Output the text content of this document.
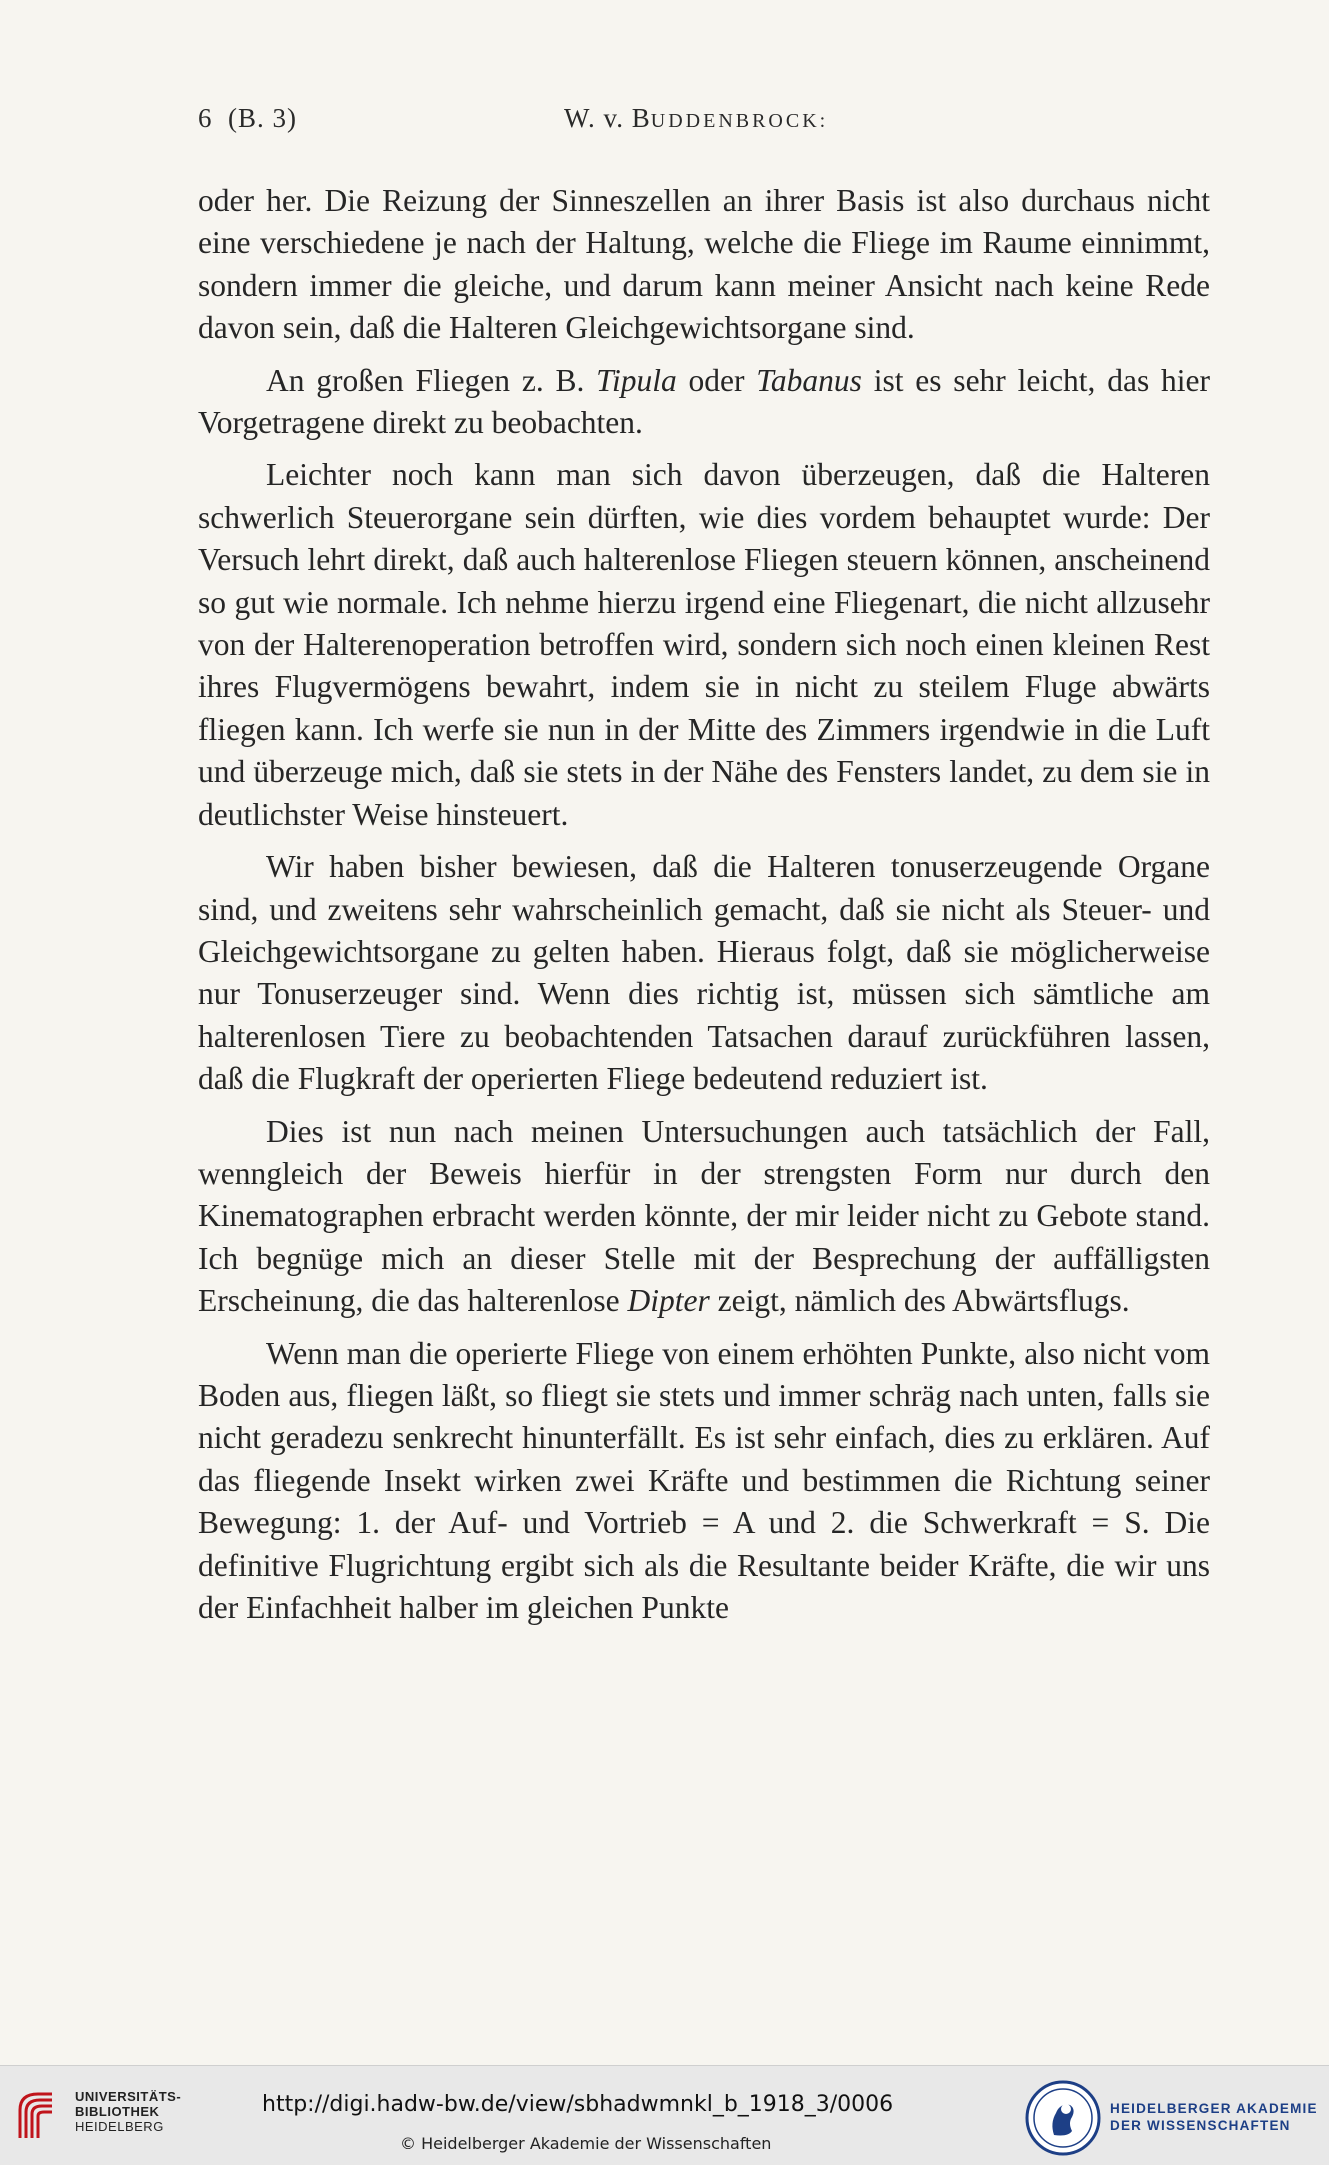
6 (B. 3)	W. v. BUDDENBROCK:

oder her. Die Reizung der Sinneszellen an ihrer Basis ist also durchaus nicht eine verschiedene je nach der Haltung, welche die Fliege im Raume einnimmt, sondern immer die gleiche, und darum kann meiner Ansicht nach keine Rede davon sein, daß die Halteren Gleichgewichtsorgane sind.

An großen Fliegen z. B. Tipula oder Tabanus ist es sehr leicht, das hier Vorgetragene direkt zu beobachten.

Leichter noch kann man sich davon überzeugen, daß die Halteren schwerlich Steuerorgane sein dürften, wie dies vordem behauptet wurde: Der Versuch lehrt direkt, daß auch halterenlose Fliegen steuern können, anscheinend so gut wie normale. Ich nehme hierzu irgend eine Fliegenart, die nicht allzusehr von der Halterenoperation betroffen wird, sondern sich noch einen kleinen Rest ihres Flugvermögens bewahrt, indem sie in nicht zu steilem Fluge abwärts fliegen kann. Ich werfe sie nun in der Mitte des Zimmers irgendwie in die Luft und überzeuge mich, daß sie stets in der Nähe des Fensters landet, zu dem sie in deutlichster Weise hinsteuert.

Wir haben bisher bewiesen, daß die Halteren tonuserzeugende Organe sind, und zweitens sehr wahrscheinlich gemacht, daß sie nicht als Steuer- und Gleichgewichtsorgane zu gelten haben. Hieraus folgt, daß sie möglicherweise nur Tonuserzeuger sind. Wenn dies richtig ist, müssen sich sämtliche am halterenlosen Tiere zu beobachtenden Tatsachen darauf zurückführen lassen, daß die Flugkraft der operierten Fliege bedeutend reduziert ist.

Dies ist nun nach meinen Untersuchungen auch tatsächlich der Fall, wenngleich der Beweis hierfür in der strengsten Form nur durch den Kinematographen erbracht werden könnte, der mir leider nicht zu Gebote stand. Ich begnüge mich an dieser Stelle mit der Besprechung der auffälligsten Erscheinung, die das halterenlose Dipter zeigt, nämlich des Abwärtsflugs.

Wenn man die operierte Fliege von einem erhöhten Punkte, also nicht vom Boden aus, fliegen läßt, so fliegt sie stets und immer schräg nach unten, falls sie nicht geradezu senkrecht hinunterfällt. Es ist sehr einfach, dies zu erklären. Auf das fliegende Insekt wirken zwei Kräfte und bestimmen die Richtung seiner Bewegung: 1. der Auf- und Vortrieb = A und 2. die Schwerkraft = S. Die definitive Flugrichtung ergibt sich als die Resultante beider Kräfte, die wir uns der Einfachheit halber im gleichen Punkte

UNIVERSITÄTS-
BIBLIOTHEK
HEIDELBERG
http://digi.hadw-bw.de/view/sbhadwmnkl_b_1918_3/0006
© Heidelberger Akademie der Wissenschaften
HEIDELBERGER AKADEMIE
DER WISSENSCHAFTEN
